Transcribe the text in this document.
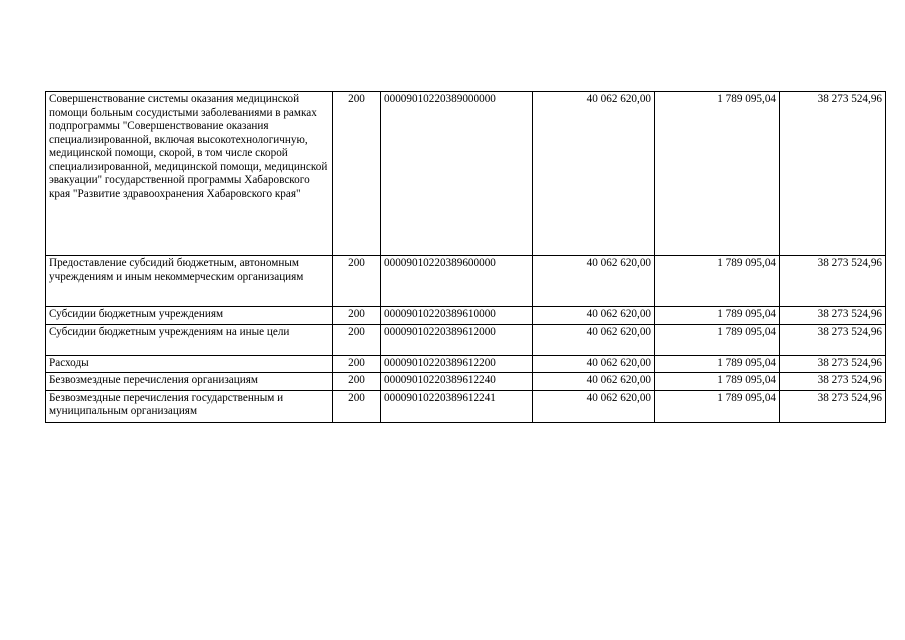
Совершенствование системы оказания медицинской помощи больным сосудистыми заболеваниями в рамках подпрограммы "Совершенствование оказания специализированной, включая высокотехнологичную, медицинской помощи, скорой, в том числе скорой специализированной, медицинской помощи, медицинской эвакуации" государственной программы Хабаровского края "Развитие здравоохранения Хабаровского края"	200	00009010220389000000	40 062 620,00	1 789 095,04	38 273 524,96
Предоставление субсидий бюджетным, автономным учреждениям и иным некоммерческим организациям	200	00009010220389600000	40 062 620,00	1 789 095,04	38 273 524,96
Субсидии бюджетным учреждениям	200	00009010220389610000	40 062 620,00	1 789 095,04	38 273 524,96
Субсидии бюджетным учреждениям на иные цели	200	00009010220389612000	40 062 620,00	1 789 095,04	38 273 524,96
Расходы	200	00009010220389612200	40 062 620,00	1 789 095,04	38 273 524,96
Безвозмездные перечисления организациям	200	00009010220389612240	40 062 620,00	1 789 095,04	38 273 524,96
Безвозмездные перечисления государственным и муниципальным организациям	200	00009010220389612241	40 062 620,00	1 789 095,04	38 273 524,96
